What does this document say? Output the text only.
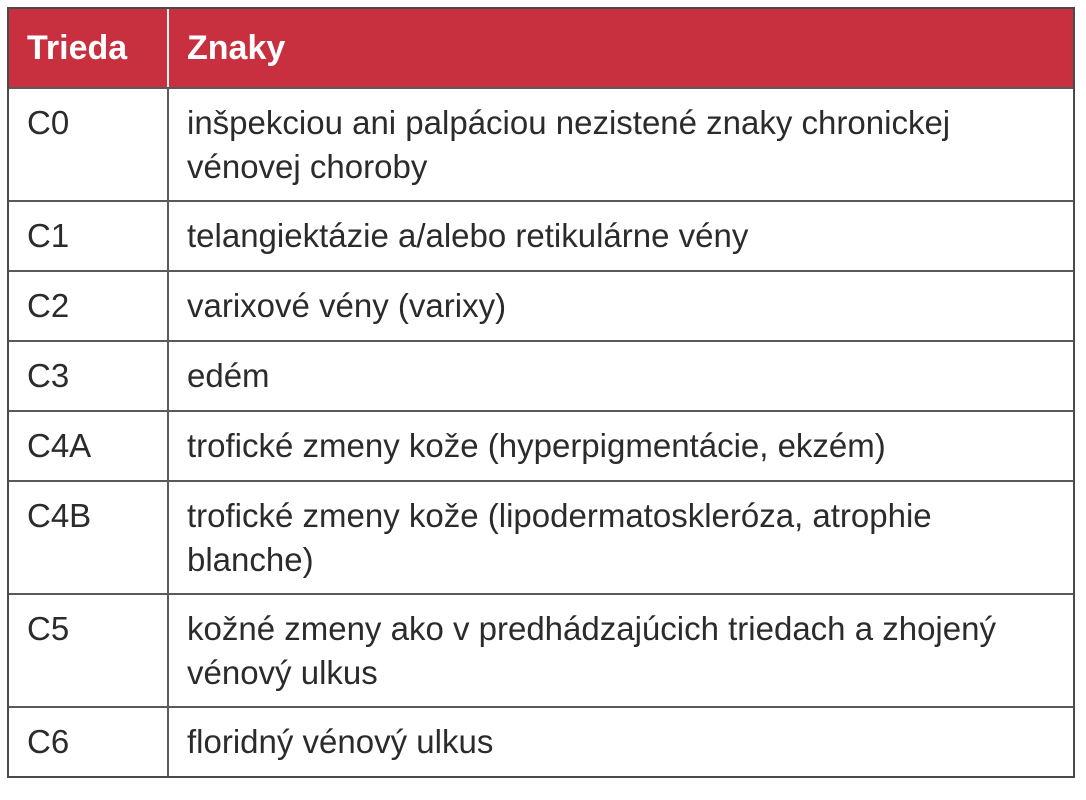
Trieda	Znaky
C0	inšpekciou ani palpáciou nezistené znaky chronickej vénovej choroby
C1	telangiektázie a/alebo retikulárne vény
C2	varixové vény (varixy)
C3	edém
C4A	trofické zmeny kože (hyperpigmentácie, ekzém)
C4B	trofické zmeny kože (lipodermatoskleróza, atrophie blanche)
C5	kožné zmeny ako v predhádzajúcich triedach a zhojený vénový ulkus
C6	floridný vénový ulkus
